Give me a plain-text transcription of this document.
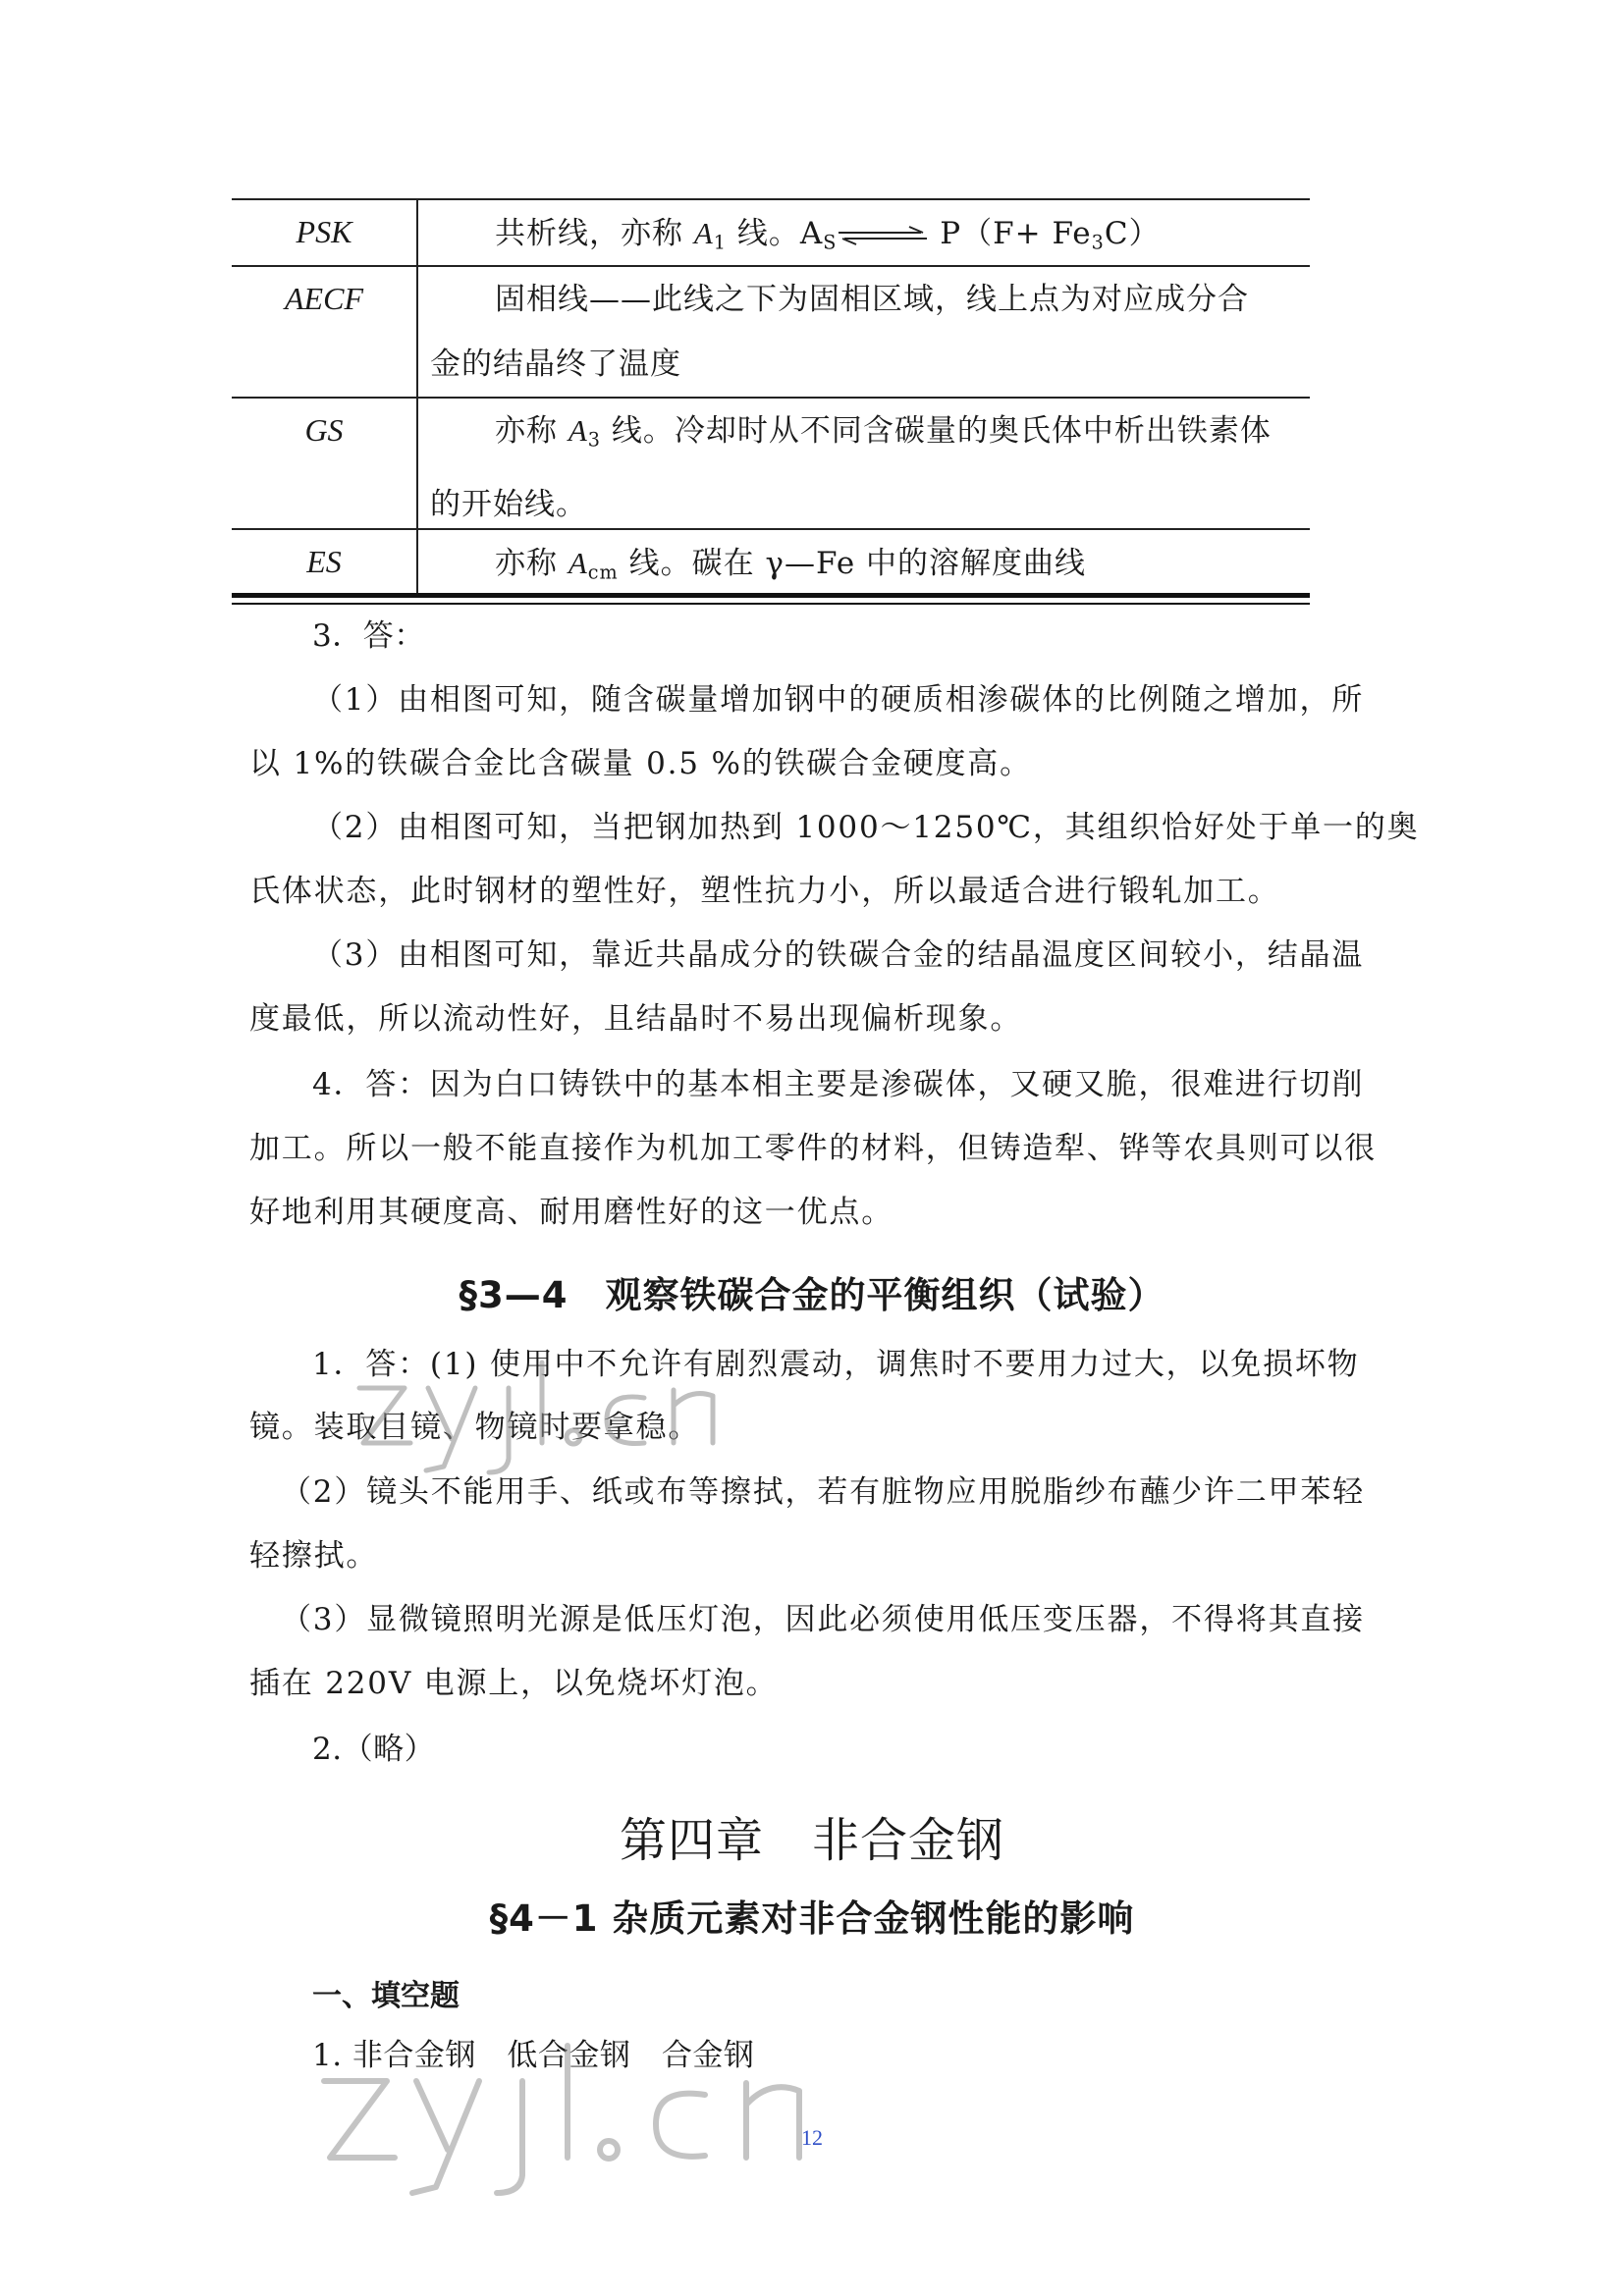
PSK	共析线，亦称 $A_1$ 线。$A_S\rightleftharpoons$ $P(F+ Fe_3C)$
AECF	固相线——此线之下为固相区域，线上点为对应成分合
金的结晶终了温度
GS	亦称 $A_3$ 线。冷却时从不同含碳量的奥氏体中析出铁素体
的开始线。
ES	亦称 $A_{cm}$ 线。碳在 γ—Fe 中的溶解度曲线
3．答：
（1）由相图可知，随含碳量增加钢中的硬质相渗碳体的比例随之增加，所
以 1%的铁碳合金比含碳量 0.5 %的铁碳合金硬度高。
（2）由相图可知，当把钢加热到 1000～1250℃，其组织恰好处于单一的奥
氏体状态，此时钢材的塑性好，塑性抗力小，所以最适合进行锻轧加工。
（3）由相图可知，靠近共晶成分的铁碳合金的结晶温度区间较小，结晶温
度最低，所以流动性好，且结晶时不易出现偏析现象。
4．答：因为白口铸铁中的基本相主要是渗碳体，又硬又脆，很难进行切削
加工。所以一般不能直接作为机加工零件的材料，但铸造犁、铧等农具则可以很
好地利用其硬度高、耐用磨性好的这一优点。
§3—4　观察铁碳合金的平衡组织（试验）
1．答：(1) 使用中不允许有剧烈震动，调焦时不要用力过大，以免损坏物
镜。装取目镜、物镜时要拿稳。
（2）镜头不能用手、纸或布等擦拭，若有脏物应用脱脂纱布蘸少许二甲苯轻
轻擦拭。
（3）显微镜照明光源是低压灯泡，因此必须使用低压变压器，不得将其直接
插在 220V 电源上，以免烧坏灯泡。
2.（略）
第四章　非合金钢
§4－1 杂质元素对非合金钢性能的影响
一、填空题
1. 非合金钢　低合金钢　合金钢
12
